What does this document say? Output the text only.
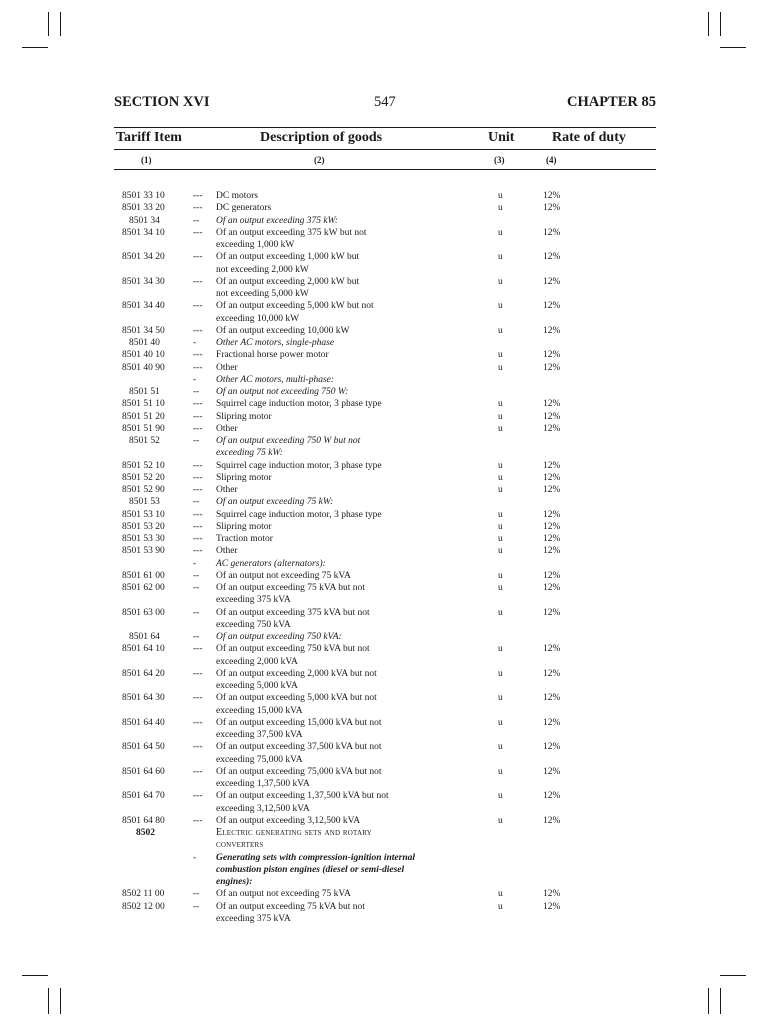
SECTION XVI	547	CHAPTER 85
Tariff Item	Description of goods	Unit	Rate of duty
(1)	(2)	(3)	(4)
8501 33 10	--- DC motors	u	12%
8501 33 20	--- DC generators	u	12%
8501 34	-- Of an output exceeding 375 kW:
8501 34 10	--- Of an output exceeding 375 kW but not	u	12%
exceeding 1,000 kW
8501 34 20	--- Of an output exceeding 1,000 kW but	u	12%
not exceeding 2,000 kW
8501 34 30	--- Of an output exceeding 2,000 kW but	u	12%
not exceeding 5,000 kW
8501 34 40	--- Of an output exceeding 5,000 kW but not	u	12%
exceeding 10,000 kW
8501 34 50	--- Of an output exceeding 10,000 kW	u	12%
8501 40	- Other AC motors, single-phase
8501 40 10	--- Fractional horse power motor	u	12%
8501 40 90	--- Other	u	12%
- Other AC motors, multi-phase:
8501 51	-- Of an output not exceeding 750 W:
8501 51 10	--- Squirrel cage induction motor, 3 phase type	u	12%
8501 51 20	--- Slipring motor	u	12%
8501 51 90	--- Other	u	12%
8501 52	-- Of an output exceeding 750 W but not
exceeding 75 kW:
8501 52 10	--- Squirrel cage induction motor, 3 phase type	u	12%
8501 52 20	--- Slipring motor	u	12%
8501 52 90	--- Other	u	12%
8501 53	-- Of an output exceeding 75 kW:
8501 53 10	--- Squirrel cage induction motor, 3 phase type	u	12%
8501 53 20	--- Slipring motor	u	12%
8501 53 30	--- Traction motor	u	12%
8501 53 90	--- Other	u	12%
- AC generators (alternators):
8501 61 00	-- Of an output not exceeding 75 kVA	u	12%
8501 62 00	-- Of an output exceeding 75 kVA but not	u	12%
exceeding 375 kVA
8501 63 00	-- Of an output exceeding 375 kVA but not	u	12%
exceeding 750 kVA
8501 64	-- Of an output exceeding 750 kVA:
8501 64 10	--- Of an output exceeding 750 kVA but not	u	12%
exceeding 2,000 kVA
8501 64 20	--- Of an output exceeding 2,000 kVA but not	u	12%
exceeding 5,000 kVA
8501 64 30	--- Of an output exceeding 5,000 kVA but not	u	12%
exceeding 15,000 kVA
8501 64 40	--- Of an output exceeding 15,000 kVA but not	u	12%
exceeding 37,500 kVA
8501 64 50	--- Of an output exceeding 37,500 kVA but not	u	12%
exceeding 75,000 kVA
8501 64 60	--- Of an output exceeding 75,000 kVA but not	u	12%
exceeding 1,37,500 kVA
8501 64 70	--- Of an output exceeding 1,37,500 kVA but not	u	12%
exceeding 3,12,500 kVA
8501 64 80	--- Of an output exceeding 3,12,500 kVA	u	12%
8502	Electric generating sets and rotary
converters
- Generating sets with compression-ignition internal
combustion piston engines (diesel or semi-diesel
engines):
8502 11 00	-- Of an output not exceeding 75 kVA	u	12%
8502 12 00	-- Of an output exceeding 75 kVA but not	u	12%
exceeding 375 kVA
